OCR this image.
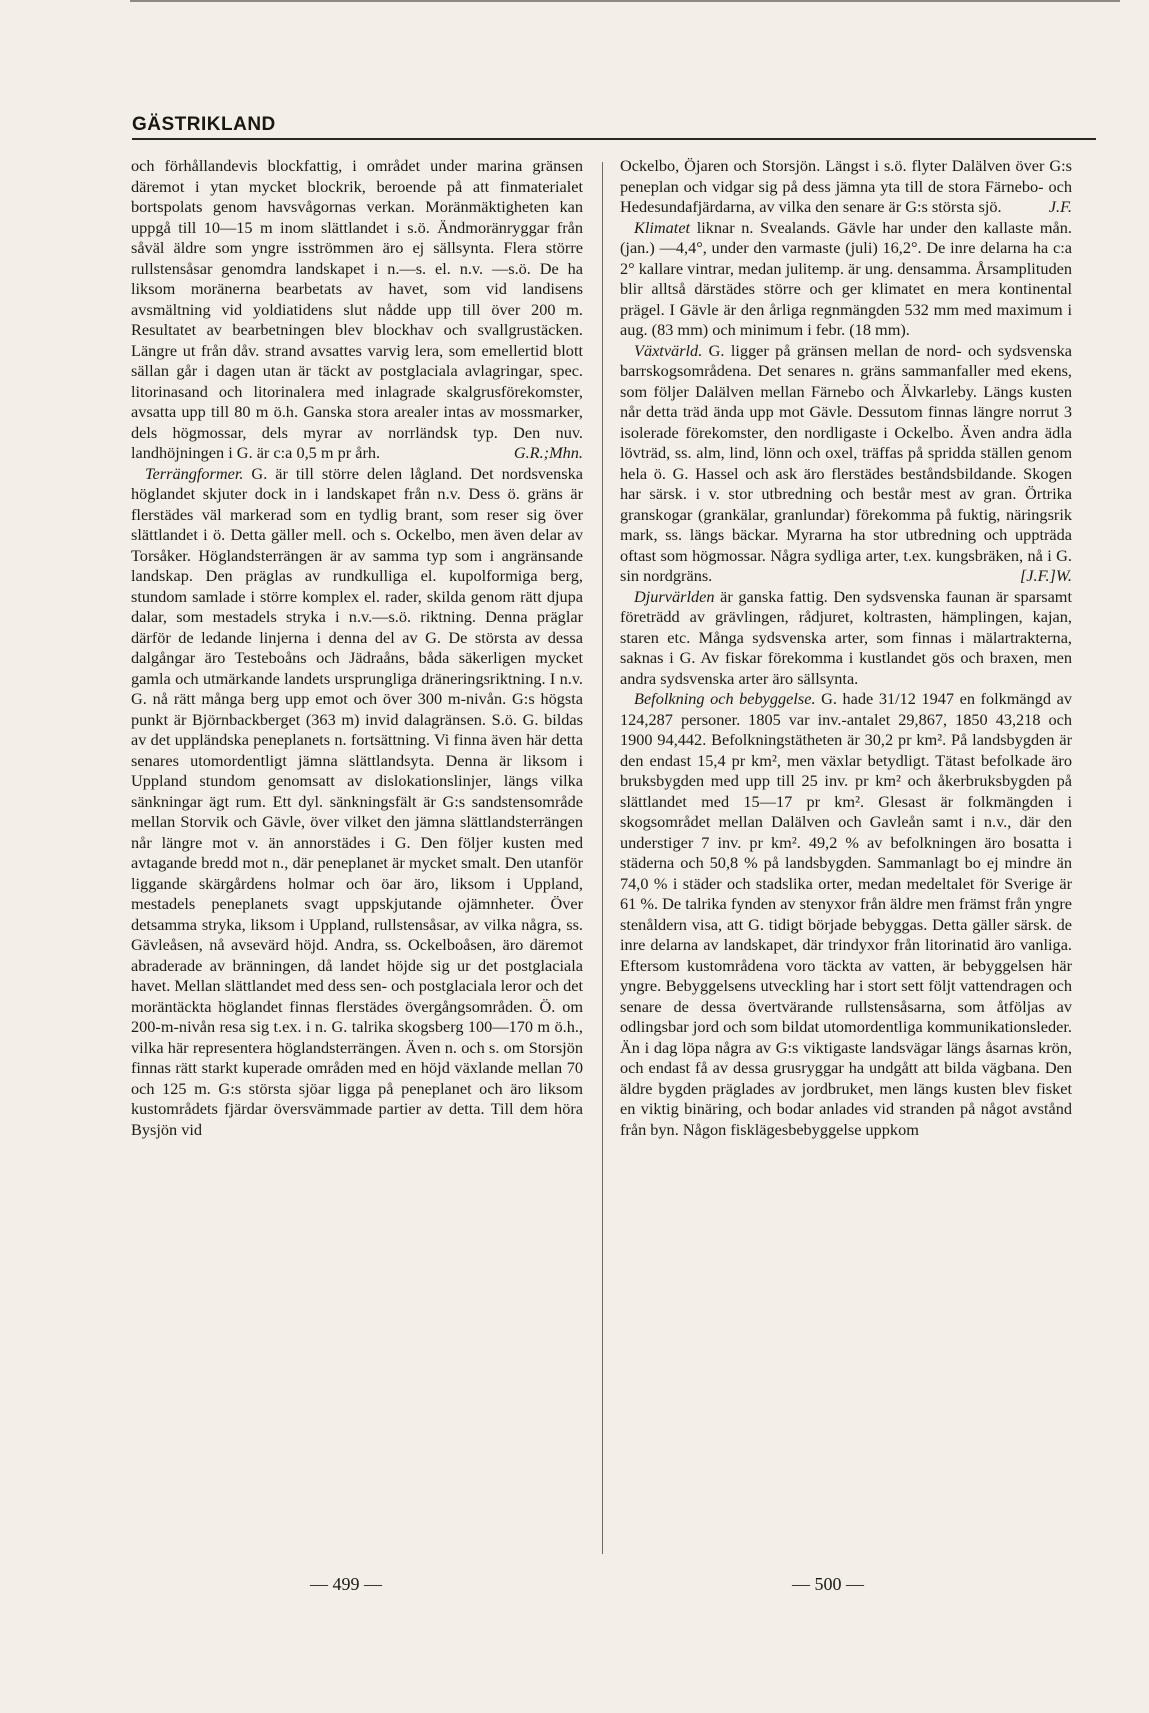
GÄSTRIKLAND

och förhållandevis blockfattig, i området under marina gränsen däremot i ytan mycket blockrik, beroende på att finmaterialet bortspolats genom havsvågornas verkan. Moränmäktigheten kan uppgå till 10—15 m inom slättlandet i s.ö. Ändmoränryggar från såväl äldre som yngre isströmmen äro ej sällsynta. Flera större rullstensåsar genomdra landskapet i n.—s. el. n.v. —s.ö. De ha liksom moränerna bearbetats av havet, som vid landisens avsmältning vid yoldiatidens slut nådde upp till över 200 m. Resultatet av bearbetningen blev blockhav och svallgrustäcken. Längre ut från dåv. strand avsattes varvig lera, som emellertid blott sällan går i dagen utan är täckt av postglaciala avlagringar, spec. litorinasand och litorinalera med inlagrade skalgrusförekomster, avsatta upp till 80 m ö.h. Ganska stora arealer intas av mossmarker, dels högmossar, dels myrar av norrländsk typ. Den nuv. landhöjningen i G. är c:a 0,5 m pr årh.	G.R.;Mhn.

Terrängformer. G. är till större delen lågland. Det nordsvenska höglandet skjuter dock in i landskapet från n.v. Dess ö. gräns är flerstädes väl markerad som en tydlig brant, som reser sig över slättlandet i ö. Detta gäller mell. och s. Ockelbo, men även delar av Torsåker. Höglandsterrängen är av samma typ som i angränsande landskap. Den präglas av rundkulliga el. kupolformiga berg, stundom samlade i större komplex el. rader, skilda genom rätt djupa dalar, som mestadels stryka i n.v.—s.ö. riktning. Denna präglar därför de ledande linjerna i denna del av G. De största av dessa dalgångar äro Testeboåns och Jädraåns, båda säkerligen mycket gamla och utmärkande landets ursprungliga dräneringsriktning. I n.v. G. nå rätt många berg upp emot och över 300 m-nivån. G:s högsta punkt är Björnbackberget (363 m) invid dalagränsen. S.ö. G. bildas av det uppländska peneplanets n. fortsättning. Vi finna även här detta senares utomordentligt jämna slättlandsyta. Denna är liksom i Uppland stundom genomsatt av dislokationslinjer, längs vilka sänkningar ägt rum. Ett dyl. sänkningsfält är G:s sandstensområde mellan Storvik och Gävle, över vilket den jämna slättlandsterrängen når längre mot v. än annorstädes i G. Den följer kusten med avtagande bredd mot n., där peneplanet är mycket smalt. Den utanför liggande skärgårdens holmar och öar äro, liksom i Uppland, mestadels peneplanets svagt uppskjutande ojämnheter. Över detsamma stryka, liksom i Uppland, rullstensåsar, av vilka några, ss. Gävleåsen, nå avsevärd höjd. Andra, ss. Ockelboåsen, äro däremot abraderade av bränningen, då landet höjde sig ur det postglaciala havet. Mellan slättlandet med dess sen- och postglaciala leror och det moräntäckta höglandet finnas flerstädes övergångsområden. Ö. om 200-m-nivån resa sig t.ex. i n. G. talrika skogsberg 100—170 m ö.h., vilka här representera höglandsterrängen. Även n. och s. om Storsjön finnas rätt starkt kuperade områden med en höjd växlande mellan 70 och 125 m. G:s största sjöar ligga på peneplanet och äro liksom kustområdets fjärdar översvämmade partier av detta. Till dem höra Bysjön vid

Ockelbo, Öjaren och Storsjön. Längst i s.ö. flyter Dalälven över G:s peneplan och vidgar sig på dess jämna yta till de stora Färnebo- och Hedesundafjärdarna, av vilka den senare är G:s största sjö.	J.F.

Klimatet liknar n. Svealands. Gävle har under den kallaste mån. (jan.) —4,4°, under den varmaste (juli) 16,2°. De inre delarna ha c:a 2° kallare vintrar, medan julitemp. är ung. densamma. Årsamplituden blir alltså därstädes större och ger klimatet en mera kontinental prägel. I Gävle är den årliga regnmängden 532 mm med maximum i aug. (83 mm) och minimum i febr. (18 mm).

Växtvärld. G. ligger på gränsen mellan de nord- och sydsvenska barrskogsområdena. Det senares n. gräns sammanfaller med ekens, som följer Dalälven mellan Färnebo och Älvkarleby. Längs kusten når detta träd ända upp mot Gävle. Dessutom finnas längre norrut 3 isolerade förekomster, den nordligaste i Ockelbo. Även andra ädla lövträd, ss. alm, lind, lönn och oxel, träffas på spridda ställen genom hela ö. G. Hassel och ask äro flerstädes beståndsbildande. Skogen har särsk. i v. stor utbredning och består mest av gran. Örtrika granskogar (grankälar, granlundar) förekomma på fuktig, näringsrik mark, ss. längs bäckar. Myrarna ha stor utbredning och uppträda oftast som högmossar. Några sydliga arter, t.ex. kungsbräken, nå i G. sin nordgräns.	[J.F.]W.

Djurvärlden är ganska fattig. Den sydsvenska faunan är sparsamt företrädd av grävlingen, rådjuret, koltrasten, hämplingen, kajan, staren etc. Många sydsvenska arter, som finnas i mälartrakterna, saknas i G. Av fiskar förekomma i kustlandet gös och braxen, men andra sydsvenska arter äro sällsynta.

Befolkning och bebyggelse. G. hade 31/12 1947 en folkmängd av 124,287 personer. 1805 var inv.-antalet 29,867, 1850 43,218 och 1900 94,442. Befolkningstätheten är 30,2 pr km². På landsbygden är den endast 15,4 pr km², men växlar betydligt. Tätast befolkade äro bruksbygden med upp till 25 inv. pr km² och åkerbruksbygden på slättlandet med 15—17 pr km². Glesast är folkmängden i skogsområdet mellan Dalälven och Gavleån samt i n.v., där den understiger 7 inv. pr km². 49,2 % av befolkningen äro bosatta i städerna och 50,8 % på landsbygden. Sammanlagt bo ej mindre än 74,0 % i städer och stadslika orter, medan medeltalet för Sverige är 61 %. De talrika fynden av stenyxor från äldre men främst från yngre stenåldern visa, att G. tidigt började bebyggas. Detta gäller särsk. de inre delarna av landskapet, där trindyxor från litorinatid äro vanliga. Eftersom kustområdena voro täckta av vatten, är bebyggelsen här yngre. Bebyggelsens utveckling har i stort sett följt vattendragen och senare de dessa övertvärande rullstensåsarna, som åtföljas av odlingsbar jord och som bildat utomordentliga kommunikationsleder. Än i dag löpa några av G:s viktigaste landsvägar längs åsarnas krön, och endast få av dessa grusryggar ha undgått att bilda vägbana. Den äldre bygden präglades av jordbruket, men längs kusten blev fisket en viktig binäring, och bodar anlades vid stranden på något avstånd från byn. Någon fisklägesbebyggelse uppkom

— 499 —	— 500 —
